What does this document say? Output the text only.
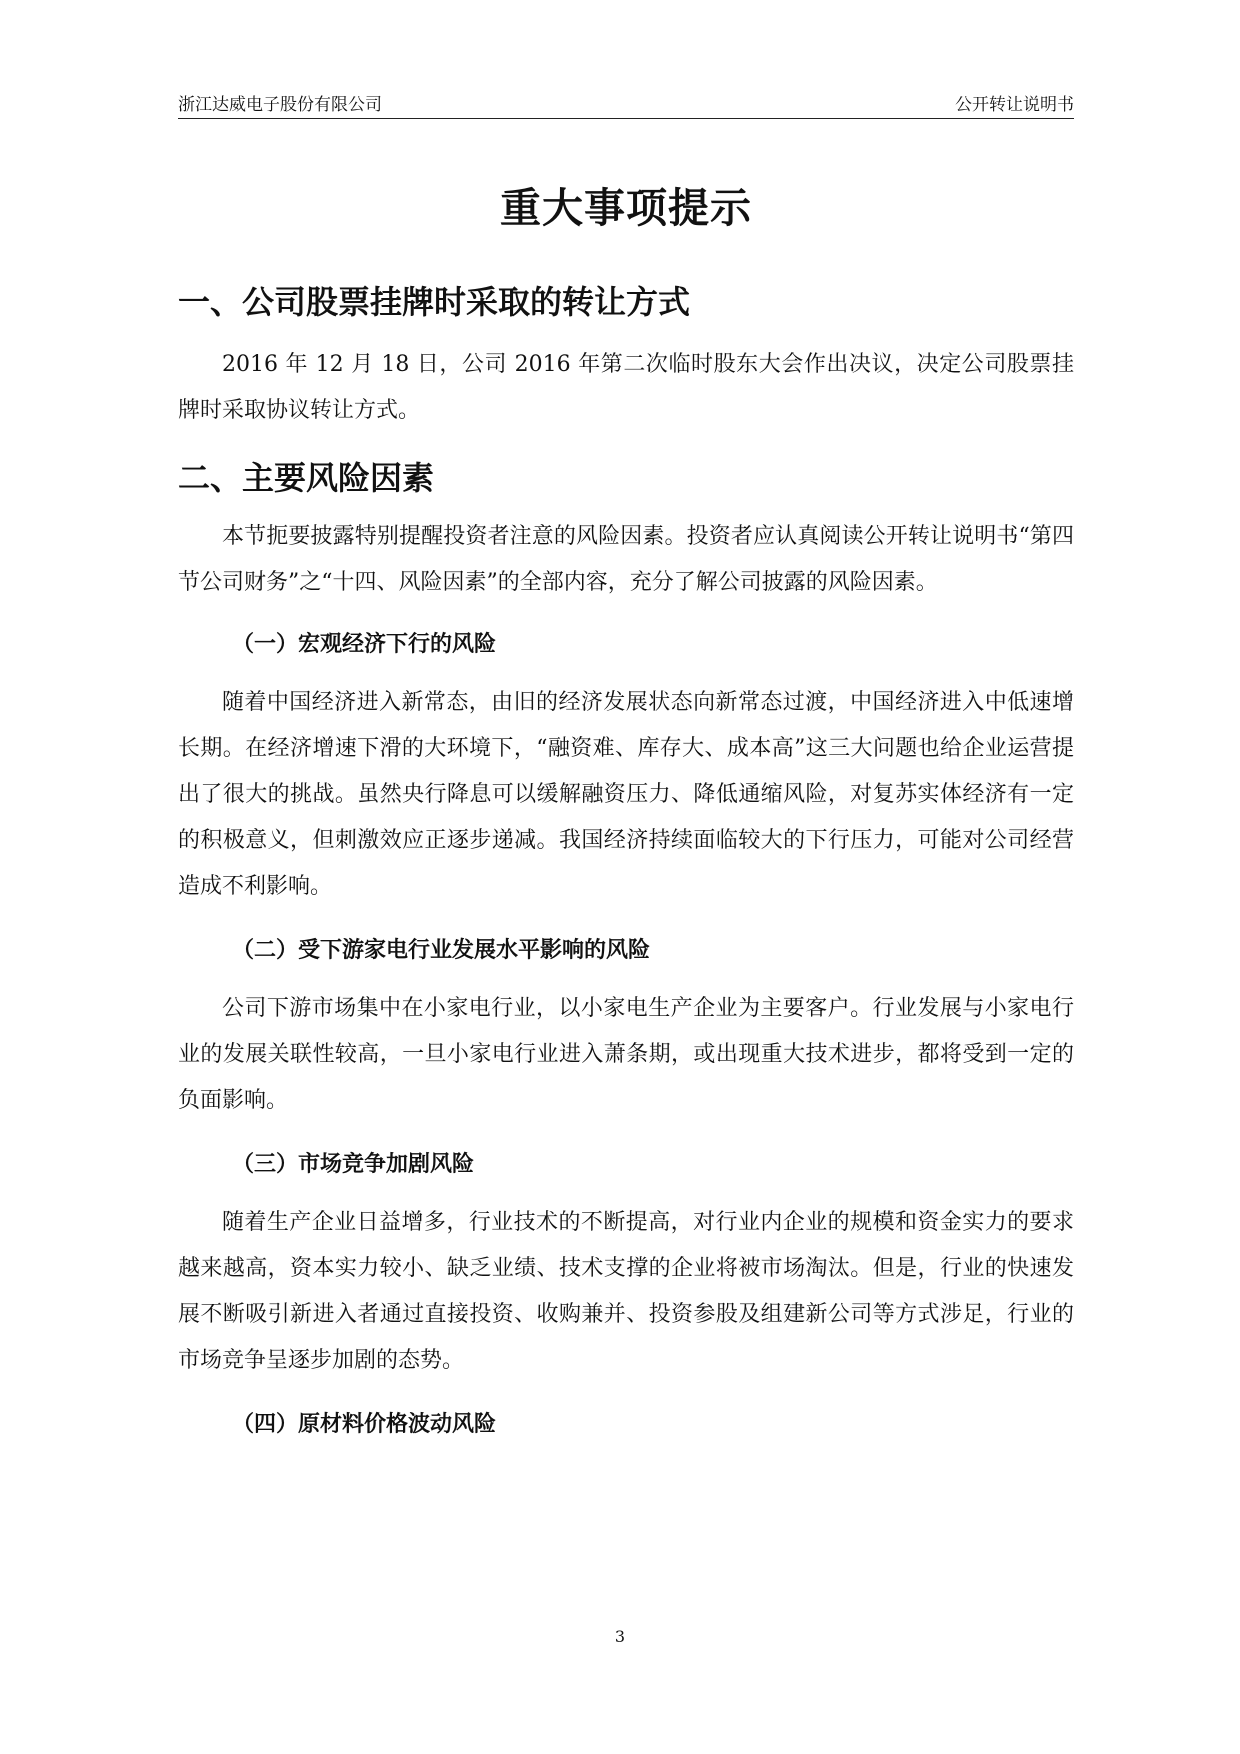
浙江达威电子股份有限公司	公开转让说明书
重大事项提示
一、公司股票挂牌时采取的转让方式

2016 年 12 月 18 日，公司 2016 年第二次临时股东大会作出决议，决定公司股票挂牌时采取协议转让方式。

二、主要风险因素

本节扼要披露特别提醒投资者注意的风险因素。投资者应认真阅读公开转让说明书“第四节公司财务”之“十四、风险因素”的全部内容，充分了解公司披露的风险因素。

（一）宏观经济下行的风险

随着中国经济进入新常态，由旧的经济发展状态向新常态过渡，中国经济进入中低速增长期。在经济增速下滑的大环境下，“融资难、库存大、成本高”这三大问题也给企业运营提出了很大的挑战。虽然央行降息可以缓解融资压力、降低通缩风险，对复苏实体经济有一定的积极意义，但刺激效应正逐步递减。我国经济持续面临较大的下行压力，可能对公司经营造成不利影响。

（二）受下游家电行业发展水平影响的风险

公司下游市场集中在小家电行业，以小家电生产企业为主要客户。行业发展与小家电行业的发展关联性较高，一旦小家电行业进入萧条期，或出现重大技术进步，都将受到一定的负面影响。

（三）市场竞争加剧风险

随着生产企业日益增多，行业技术的不断提高，对行业内企业的规模和资金实力的要求越来越高，资本实力较小、缺乏业绩、技术支撑的企业将被市场淘汰。但是，行业的快速发展不断吸引新进入者通过直接投资、收购兼并、投资参股及组建新公司等方式涉足，行业的市场竞争呈逐步加剧的态势。

（四）原材料价格波动风险
3
